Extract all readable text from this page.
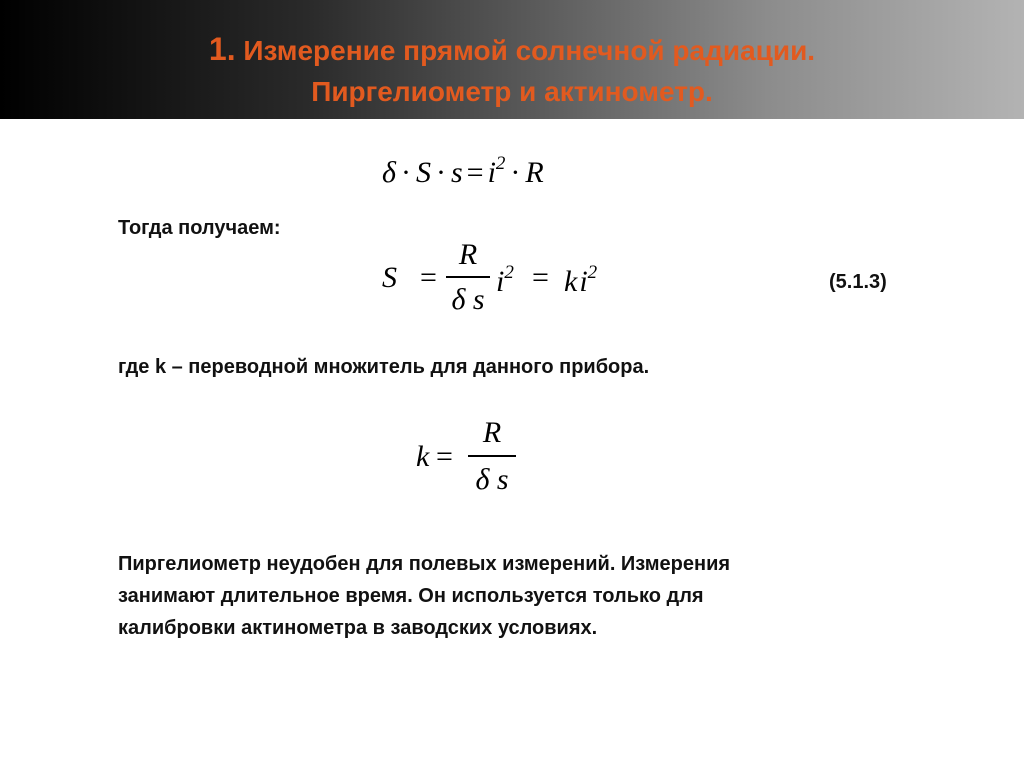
1. Измерение прямой солнечной радиации.
Пиргелиометр и актинометр.
$\delta \cdot S \cdot s = i^2 \cdot R$
Тогда получаем:
S =
R
δ s
$i^2 = ki^2$	(5.1.3)
где k – переводной множитель для данного прибора.
k =
R
δ s
Пиргелиометр неудобен для полевых измерений. Измерения
занимают длительное время. Он используется только для
калибровки актинометра в заводских условиях.
